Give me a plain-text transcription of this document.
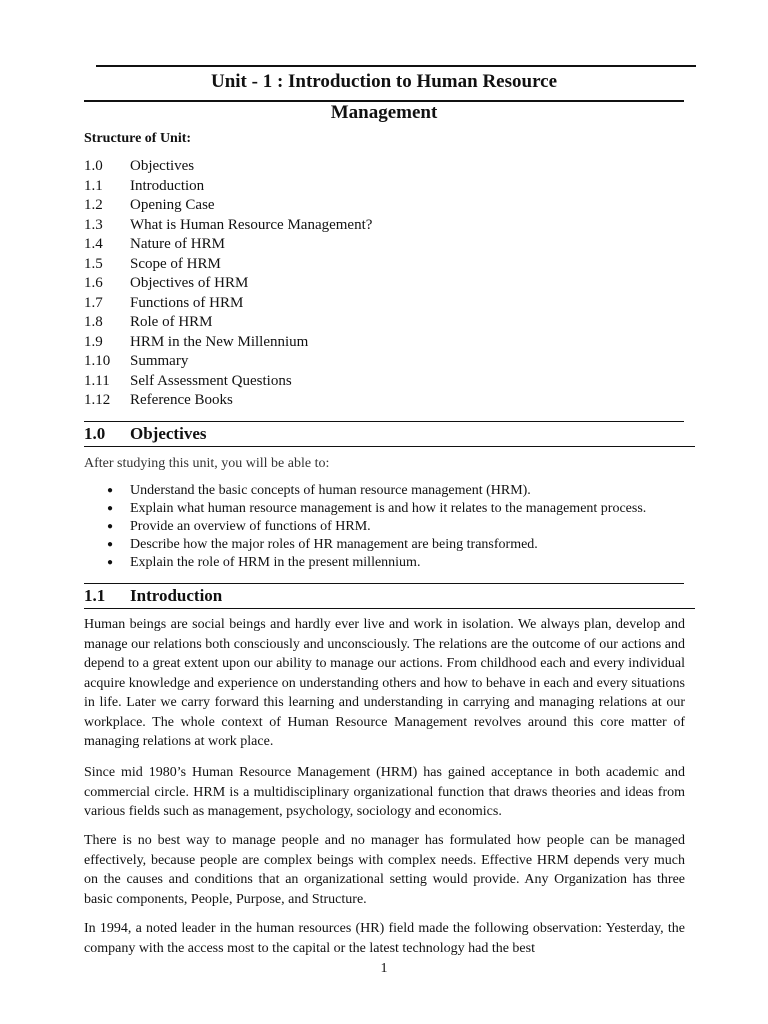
Unit - 1 : Introduction to Human Resource
Management
Structure of Unit:
1.0 Objectives
1.1 Introduction
1.2 Opening Case
1.3 What is Human Resource Management?
1.4 Nature of HRM
1.5 Scope of HRM
1.6 Objectives of HRM
1.7 Functions of HRM
1.8 Role of HRM
1.9 HRM in the New Millennium
1.10 Summary
1.11 Self Assessment Questions
1.12 Reference Books
1.0 Objectives
After studying this unit, you will be able to:
● Understand the basic concepts of human resource management (HRM).
● Explain what human resource management is and how it relates to the management process.
● Provide an overview of functions of HRM.
● Describe how the major roles of HR management are being transformed.
● Explain the role of HRM in the present millennium.
1.1 Introduction

Human beings are social beings and hardly ever live and work in isolation. We always plan, develop and manage our relations both consciously and unconsciously. The relations are the outcome of our actions and depend to a great extent upon our ability to manage our actions. From childhood each and every individual acquire knowledge and experience on understanding others and how to behave in each and every situations in life. Later we carry forward this learning and understanding in carrying and managing relations at our workplace. The whole context of Human Resource Management revolves around this core matter of managing relations at work place.

Since mid 1980’s Human Resource Management (HRM) has gained acceptance in both academic and commercial circle. HRM is a multidisciplinary organizational function that draws theories and ideas from various fields such as management, psychology, sociology and economics.

There is no best way to manage people and no manager has formulated how people can be managed effectively, because people are complex beings with complex needs. Effective HRM depends very much on the causes and conditions that an organizational setting would provide. Any Organization has three basic components, People, Purpose, and Structure.

In 1994, a noted leader in the human resources (HR) field made the following observation: Yesterday, the company with the access most to the capital or the latest technology had the best

1
